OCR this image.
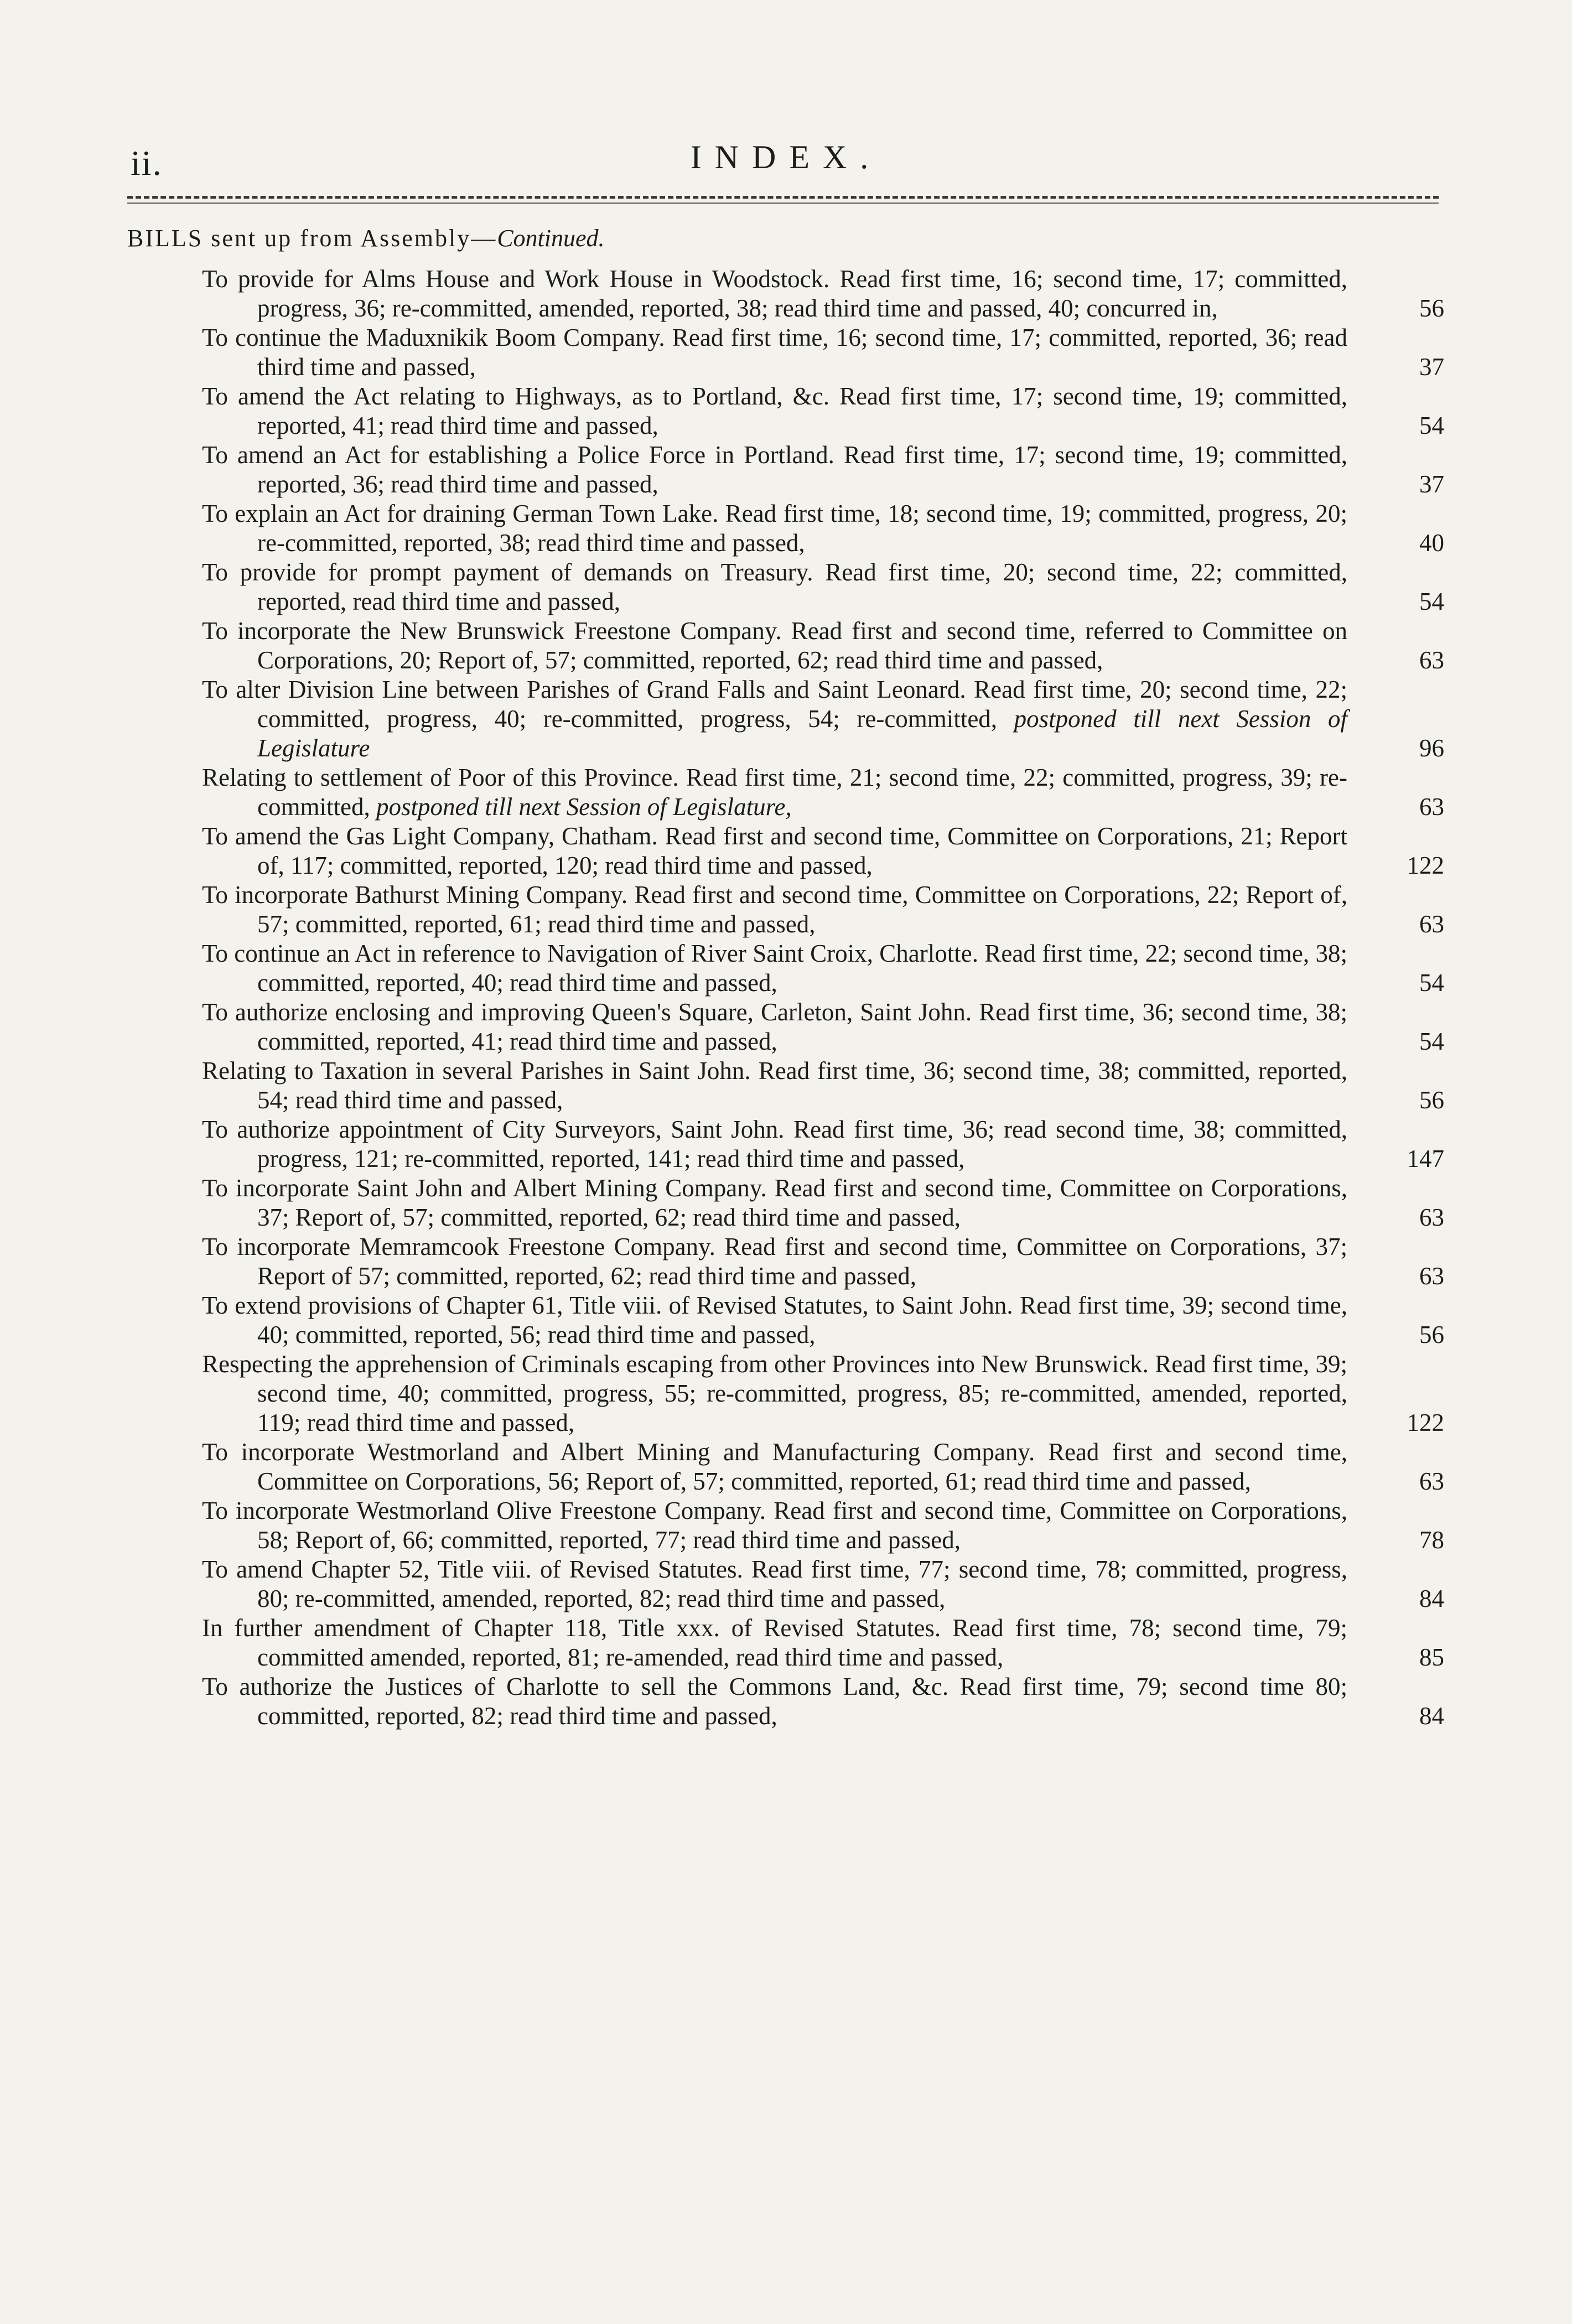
ii.	INDEX.
BILLS sent up from Assembly—Continued.
To provide for Alms House and Work House in Woodstock. Read first time, 16; second time, 17; committed, progress, 36; re-committed, amended, reported, 38; read third time and passed, 40; concurred in,	56
To continue the Maduxnikik Boom Company. Read first time, 16; second time, 17; committed, reported, 36; read third time and passed,	37
To amend the Act relating to Highways, as to Portland, &c. Read first time, 17; second time, 19; committed, reported, 41; read third time and passed,	54
To amend an Act for establishing a Police Force in Portland. Read first time, 17; second time, 19; committed, reported, 36; read third time and passed,	37
To explain an Act for draining German Town Lake. Read first time, 18; second time, 19; committed, progress, 20; re-committed, reported, 38; read third time and passed,	40
To provide for prompt payment of demands on Treasury. Read first time, 20; second time, 22; committed, reported, read third time and passed,	54
To incorporate the New Brunswick Freestone Company. Read first and second time, referred to Committee on Corporations, 20; Report of, 57; committed, reported, 62; read third time and passed,	63
To alter Division Line between Parishes of Grand Falls and Saint Leonard. Read first time, 20; second time, 22; committed, progress, 40; re-committed, progress, 54; re-committed, postponed till next Session of Legislature	96
Relating to settlement of Poor of this Province. Read first time, 21; second time, 22; committed, progress, 39; re-committed, postponed till next Session of Legislature,	63
To amend the Gas Light Company, Chatham. Read first and second time, Committee on Corporations, 21; Report of, 117; committed, reported, 120; read third time and passed,	122
To incorporate Bathurst Mining Company. Read first and second time, Committee on Corporations, 22; Report of, 57; committed, reported, 61; read third time and passed,	63
To continue an Act in reference to Navigation of River Saint Croix, Charlotte. Read first time, 22; second time, 38; committed, reported, 40; read third time and passed,	54
To authorize enclosing and improving Queen's Square, Carleton, Saint John. Read first time, 36; second time, 38; committed, reported, 41; read third time and passed,	54
Relating to Taxation in several Parishes in Saint John. Read first time, 36; second time, 38; committed, reported, 54; read third time and passed,	56
To authorize appointment of City Surveyors, Saint John. Read first time, 36; read second time, 38; committed, progress, 121; re-committed, reported, 141; read third time and passed,	147
To incorporate Saint John and Albert Mining Company. Read first and second time, Committee on Corporations, 37; Report of, 57; committed, reported, 62; read third time and passed,	63
To incorporate Memramcook Freestone Company. Read first and second time, Committee on Corporations, 37; Report of 57; committed, reported, 62; read third time and passed,	63
To extend provisions of Chapter 61, Title viii. of Revised Statutes, to Saint John. Read first time, 39; second time, 40; committed, reported, 56; read third time and passed,	56
Respecting the apprehension of Criminals escaping from other Provinces into New Brunswick. Read first time, 39; second time, 40; committed, progress, 55; re-committed, progress, 85; re-committed, amended, reported, 119; read third time and passed,	122
To incorporate Westmorland and Albert Mining and Manufacturing Company. Read first and second time, Committee on Corporations, 56; Report of, 57; committed, reported, 61; read third time and passed,	63
To incorporate Westmorland Olive Freestone Company. Read first and second time, Committee on Corporations, 58; Report of, 66; committed, reported, 77; read third time and passed,	78
To amend Chapter 52, Title viii. of Revised Statutes. Read first time, 77; second time, 78; committed, progress, 80; re-committed, amended, reported, 82; read third time and passed,	84
In further amendment of Chapter 118, Title xxx. of Revised Statutes. Read first time, 78; second time, 79; committed amended, reported, 81; re-amended, read third time and passed,	85
To authorize the Justices of Charlotte to sell the Commons Land, &c. Read first time, 79; second time 80; committed, reported, 82; read third time and passed,	84
